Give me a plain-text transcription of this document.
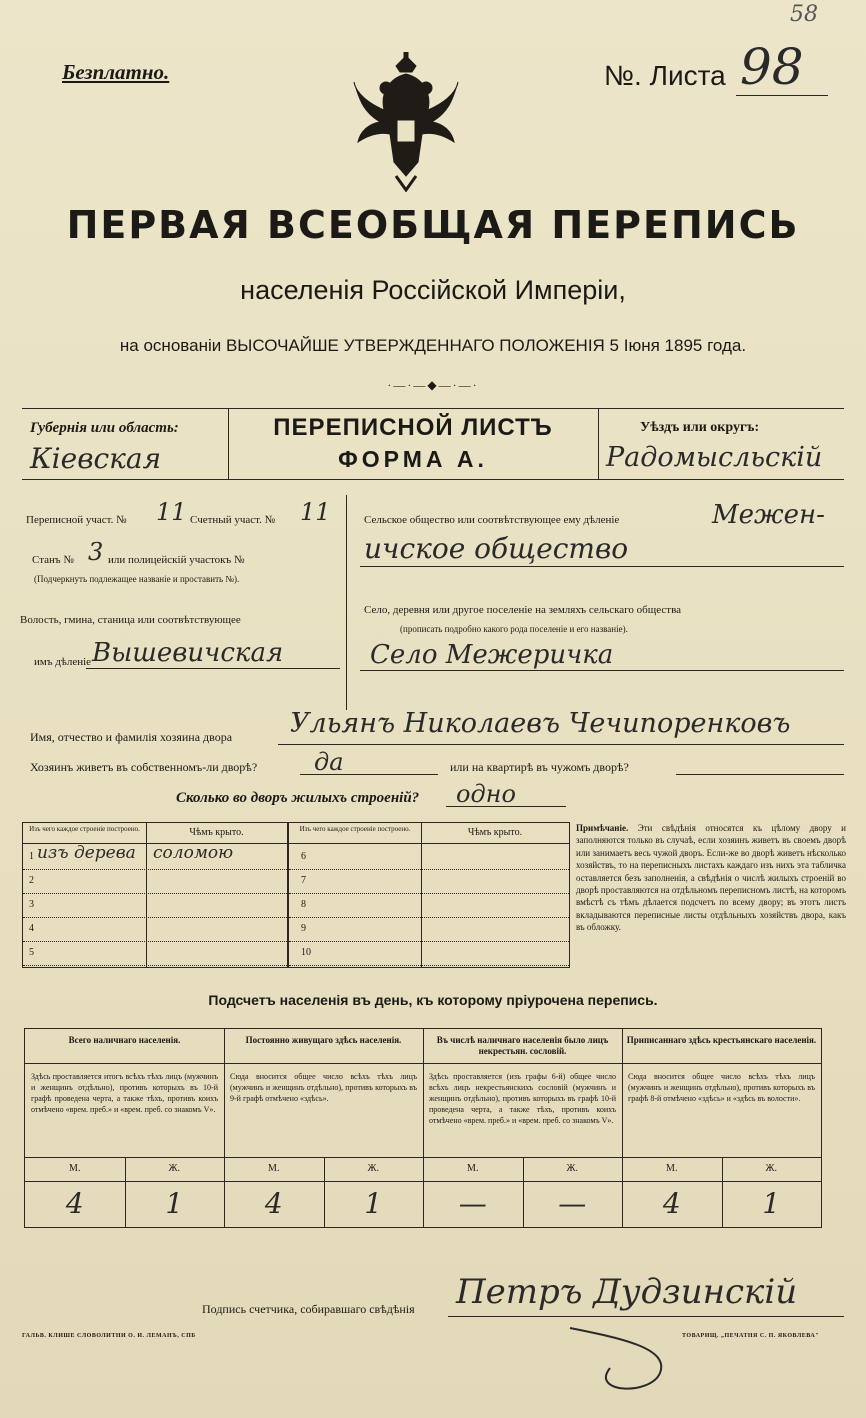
58
Безплатно.	№. Листа 98
ПЕРВАЯ ВСЕОБЩАЯ ПЕРЕПИСЬ
населенія Россійской Имперіи,
на основаніи ВЫСОЧАЙШЕ УТВЕРЖДЕННАГО ПОЛОЖЕНІЯ 5 Іюня 1895 года.
·—·—◆—·—·
Губернія или область:
Кiевская
ПЕРЕПИСНОЙ ЛИСТЪ
ФОРМА А.
Уѣздъ или округъ:
Радомысльскiй
Переписной участ. № 11 Счетный участ. № 11
Станъ № 3 или полицейскій участокъ №
(Подчеркнуть подлежащее названіе и проставить №).
Волость, гмина, станица или соотвѣтствующее
имъ дѣленіе Вышевичская
Сельское общество или соотвѣтствующее ему дѣленіе	Межен-
ичское общество
Село, деревня или другое поселеніе на земляхъ сельскаго общества
(прописать подробно какого рода поселеніе и его названіе).
Село Межеричка
Имя, отчество и фамилія хозяина двора Ульянъ Николаевъ Чечипоренковъ
Хозяинъ живетъ въ собственномъ-ли дворѣ? да	или на квартирѣ въ чужомъ дворѣ?
Сколько во дворъ жилыхъ строеній? одно
Изъ чего каждое строеніе построено.	Чѣмъ крыто.	Изъ чего каждое строеніе построено.	Чѣмъ крыто.
1 изъ дерева соломою
2
3
4
5
6
7
8
9
10
Примѣчаніе. Эти свѣдѣнія относятся къ цѣлому двору и заполняются только въ случаѣ, если хозяинъ живетъ въ своемъ дворѣ или занимаетъ весь чужой дворъ. Если-же во дворѣ живетъ нѣсколько хозяйствъ, то на переписныхъ листахъ каждаго изъ нихъ эта табличка оставляется безъ заполненія, а свѣдѣнія о числѣ жилыхъ строеній во дворѣ проставляются на отдѣльномъ переписномъ листѣ, на которомъ вмѣстѣ съ тѣмъ дѣлается подсчетъ по всему двору; въ этотъ листъ вкладываются переписные листы отдѣльныхъ хозяйствъ двора, какъ въ обложку.
Подсчетъ населенія въ день, къ которому пріурочена перепись.
Всего наличнаго населенія.
Здѣсь проставляется итогъ всѣхъ тѣхъ лицъ (мужчинъ и женщинъ отдѣльно), противъ которыхъ въ 10-й графѣ проведена черта, а также тѣхъ, противъ коихъ отмѣчено «врем. преб.» и «врем. преб. со знакомъ V».
М.	Ж.
4	1
Постоянно живущаго здѣсь населенія.
Сюда вносится общее число всѣхъ тѣхъ лицъ (мужчинъ и женщинъ отдѣльно), противъ которыхъ въ 9-й графѣ отмѣчено «здѣсь».
М.	Ж.
4	1
Въ числѣ наличнаго населенія было лицъ некрестьян. сословій.
Здѣсь проставляется (изъ графы 6-й) общее число всѣхъ лицъ некрестьянскихъ сословій (мужчинъ и женщинъ отдѣльно), противъ которыхъ въ графѣ 10-й проведена черта, а также тѣхъ, противъ коихъ отмѣчено «врем. преб.» и «врем. преб. со знакомъ V».
М.	Ж.
—	—
Приписаннаго здѣсь крестьянскаго населенія.
Сюда вносится общее число всѣхъ тѣхъ лицъ (мужчинъ и женщинъ отдѣльно), противъ которыхъ въ графѣ 8-й отмѣчено «здѣсь» и «здѣсь въ волости».
М.	Ж.
4	1
Подпись счетчика, собиравшаго свѣдѣнія Петръ Дудзинскiй
ГАЛЬВ. КЛИШЕ СЛОВОЛИТНИ О. И. ЛЕМАНЪ, СПБ	ТОВАРИЩ. „ПЕЧАТНЯ С. П. ЯКОВЛЕВА"
